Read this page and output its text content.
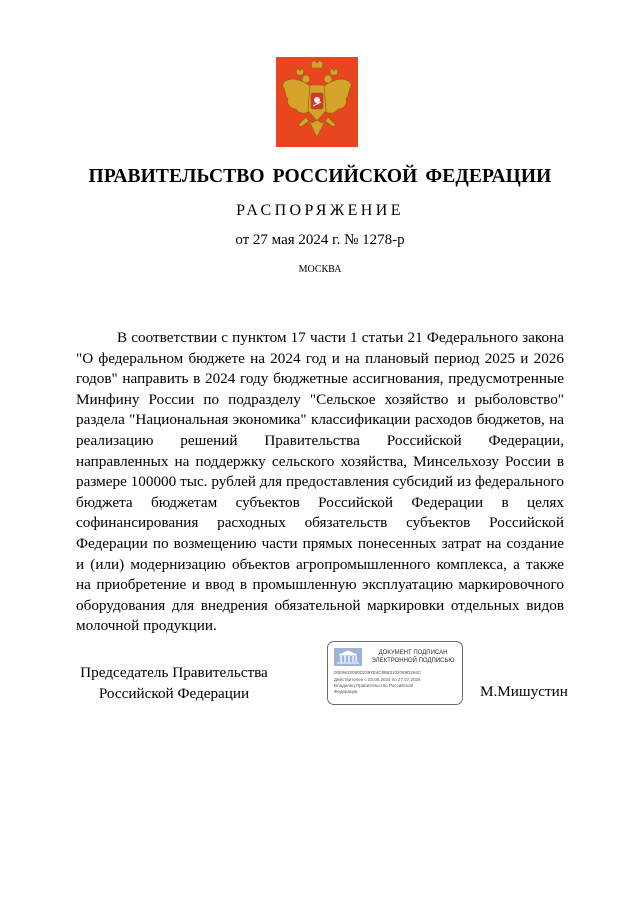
ПРАВИТЕЛЬСТВО РОССИЙСКОЙ ФЕДЕРАЦИИ
РАСПОРЯЖЕНИЕ
от 27 мая 2024 г. № 1278-р
МОСКВА

В соответствии с пунктом 17 части 1 статьи 21 Федерального закона "О федеральном бюджете на 2024 год и на плановый период 2025 и 2026 годов" направить в 2024 году бюджетные ассигнования, предусмотренные Минфину России по подразделу "Сельское хозяйство и рыболовство" раздела "Национальная экономика" классификации расходов бюджетов, на реализацию решений Правительства Российской Федерации, направленных на поддержку сельского хозяйства, Минсельхозу России в размере 100000 тыс. рублей для предоставления субсидий из федерального бюджета бюджетам субъектов Российской Федерации в целях софинансирования расходных обязательств субъектов Российской Федерации по возмещению части прямых понесенных затрат на создание и (или) модернизацию объектов агропромышленного комплекса, а также на приобретение и ввод в промышленную эксплуатацию маркировочного оборудования для внедрения обязательной маркировки отдельных видов молочной продукции.

Председатель Правительства
Российской Федерации
ДОКУМЕНТ ПОДПИСАН
ЭЛЕКТРОННОЙ ПОДПИСЬЮ
00E9632080D2397E4C8B83102069D264C
Действителен с 03.05.2024 по 27.07.2025
Владелец Правительство Российской
Федерации	М.Мишустин
